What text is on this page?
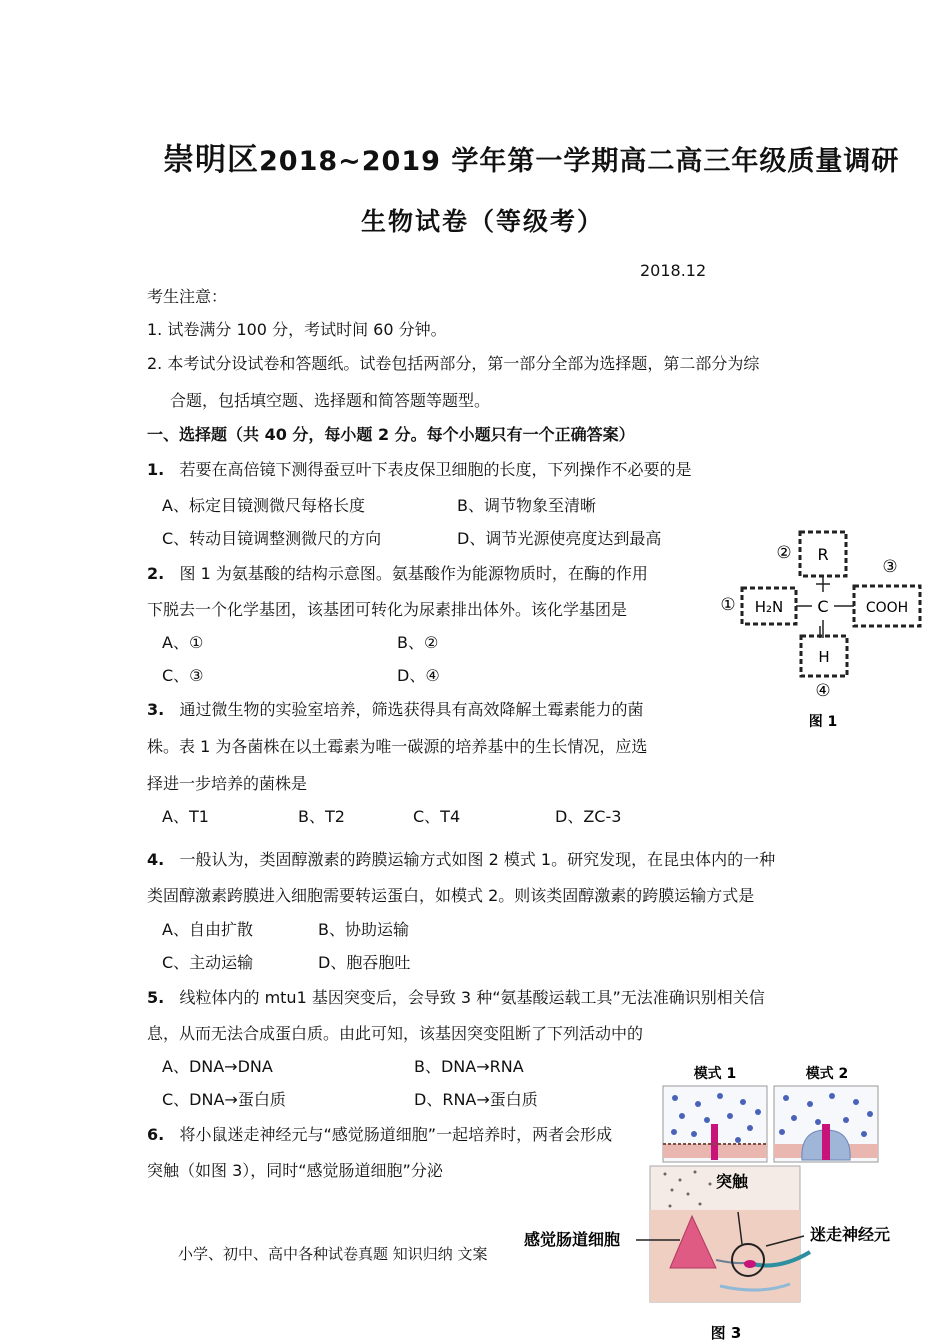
崇明区2018~2019 学年第一学期高二高三年级质量调研
生物试卷（等级考）
2018.12
考生注意：
1. 试卷满分 100 分，考试时间 60 分钟。
2. 本考试分设试卷和答题纸。试卷包括两部分，第一部分全部为选择题，第二部分为综
合题，包括填空题、选择题和简答题等题型。
一、选择题（共 40 分，每小题 2 分。每个小题只有一个正确答案）
1. 若要在高倍镜下测得蚕豆叶下表皮保卫细胞的长度，下列操作不必要的是
A、标定目镜测微尺每格长度	B、调节物象至清晰
C、转动目镜调整测微尺的方向	D、调节光源使亮度达到最高
2. 图 1 为氨基酸的结构示意图。氨基酸作为能源物质时，在酶的作用
下脱去一个化学基团，该基团可转化为尿素排出体外。该化学基团是
A、①	B、②
C、③	D、④
3. 通过微生物的实验室培养，筛选获得具有高效降解土霉素能力的菌
株。表 1 为各菌株在以土霉素为唯一碳源的培养基中的生长情况，应选
择进一步培养的菌株是
A、T1	B、T2	C、T4	D、ZC-3
4. 一般认为，类固醇激素的跨膜运输方式如图 2 模式 1。研究发现，在昆虫体内的一种
类固醇激素跨膜进入细胞需要转运蛋白，如模式 2。则该类固醇激素的跨膜运输方式是
A、自由扩散	B、协助运输
C、主动运输	D、胞吞胞吐
5. 线粒体内的 mtu1 基因突变后，会导致 3 种“氨基酸运载工具”无法准确识别相关信
息，从而无法合成蛋白质。由此可知，该基因突变阻断了下列活动中的
A、DNA→DNA	B、DNA→RNA
C、DNA→蛋白质	D、RNA→蛋白质
6. 将小鼠迷走神经元与“感觉肠道细胞”一起培养时，两者会形成
突触（如图 3），同时“感觉肠道细胞”分泌
小学、初中、高中各种试卷真题 知识归纳 文案
R
②
① H₂N C
③
COOH
H
④
图 1
模式 1	模式 2
突触
感觉肠道细胞	迷走神经元
图 3
